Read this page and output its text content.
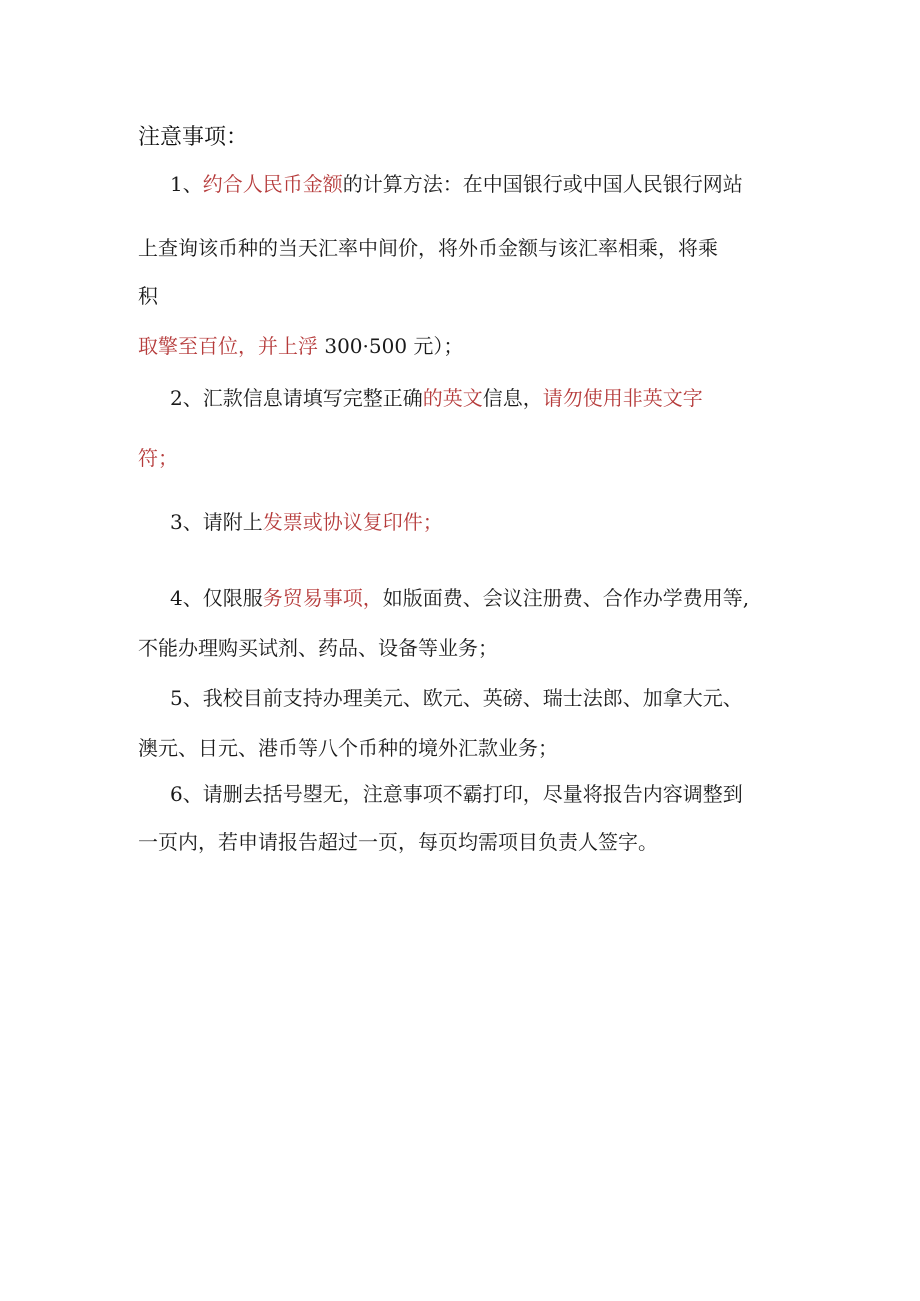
注意事项：
1、约合人民币金额的计算方法：在中国银行或中国人民银行网站
上查询该币种的当天汇率中间价，将外币金额与该汇率相乘，将乘
积
取擎至百位，并上浮 300·500 元）；
2、汇款信息请填写完整正确的英文信息，请勿使用非英文字
符；
3、请附上发票或协议复印件；
4、仅限服务贸易事项，如版面费、会议注册费、合作办学费用等,
不能办理购买试剂、药品、设备等业务；
5、我校目前支持办理美元、欧元、英磅、瑞士法郎、加拿大元、
澳元、日元、港币等八个币种的境外汇款业务；
6、请删去括号曌无，注意事项不霸打印，尽量将报告内容调整到
一页内，若申请报告超过一页，每页均需项目负责人签字。
